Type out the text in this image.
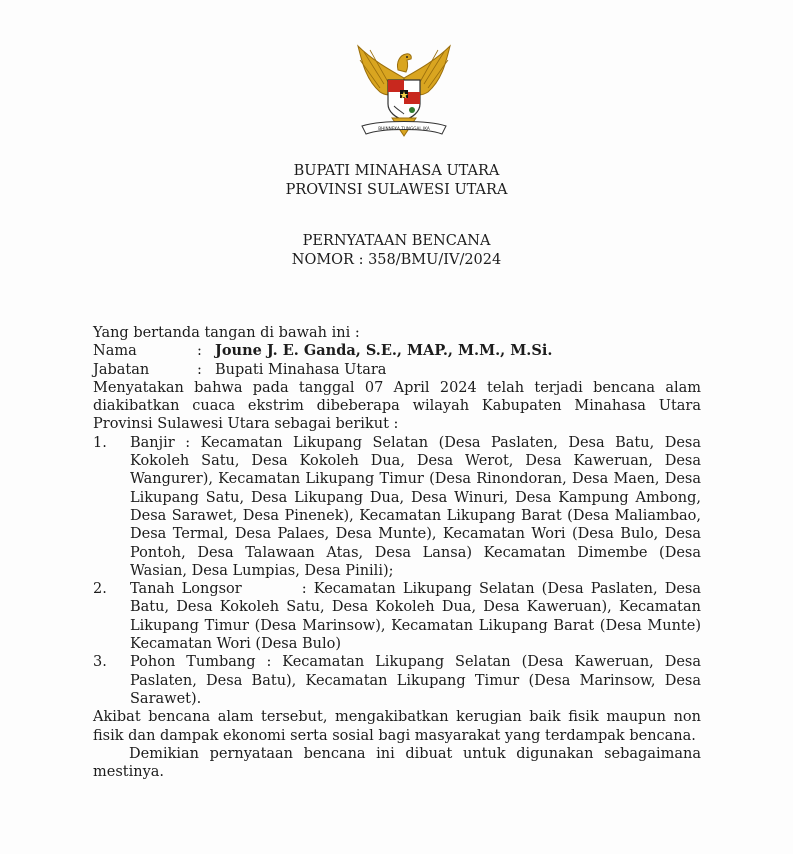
BHINNEKA TUNGGAL IKA
BUPATI MINAHASA UTARA
PROVINSI SULAWESI UTARA
PERNYATAAN BENCANA
NOMOR : 358/BMU/IV/2024
Yang bertanda tangan di bawah ini :
Nama	: Joune J. E. Ganda, S.E., MAP., M.M., M.Si.
Jabatan	: Bupati Minahasa Utara
Menyatakan bahwa pada tanggal 07 April 2024 telah terjadi bencana alam diakibatkan cuaca ekstrim dibeberapa wilayah Kabupaten Minahasa Utara Provinsi Sulawesi Utara sebagai berikut :
1.	Banjir : Kecamatan Likupang Selatan (Desa Paslaten, Desa Batu, Desa Kokoleh Satu, Desa Kokoleh Dua, Desa Werot, Desa Kaweruan, Desa Wangurer), Kecamatan Likupang Timur (Desa Rinondoran, Desa Maen, Desa Likupang Satu, Desa Likupang Dua, Desa Winuri, Desa Kampung Ambong, Desa Sarawet, Desa Pinenek), Kecamatan Likupang Barat (Desa Maliambao, Desa Termal, Desa Palaes, Desa Munte), Kecamatan Wori (Desa Bulo, Desa Pontoh, Desa Talawaan Atas, Desa Lansa) Kecamatan Dimembe (Desa Wasian, Desa Lumpias, Desa Pinili);
2.	Tanah Longsor	: Kecamatan Likupang Selatan (Desa Paslaten, Desa Batu, Desa Kokoleh Satu, Desa Kokoleh Dua, Desa Kaweruan), Kecamatan Likupang Timur (Desa Marinsow), Kecamatan Likupang Barat (Desa Munte) Kecamatan Wori (Desa Bulo)
3.	Pohon Tumbang : Kecamatan Likupang Selatan (Desa Kaweruan, Desa Paslaten, Desa Batu), Kecamatan Likupang Timur (Desa Marinsow, Desa Sarawet).
Akibat bencana alam tersebut, mengakibatkan kerugian baik fisik maupun non fisik dan dampak ekonomi serta sosial bagi masyarakat yang terdampak bencana.
Demikian pernyataan bencana ini dibuat untuk digunakan sebagaimana mestinya.
